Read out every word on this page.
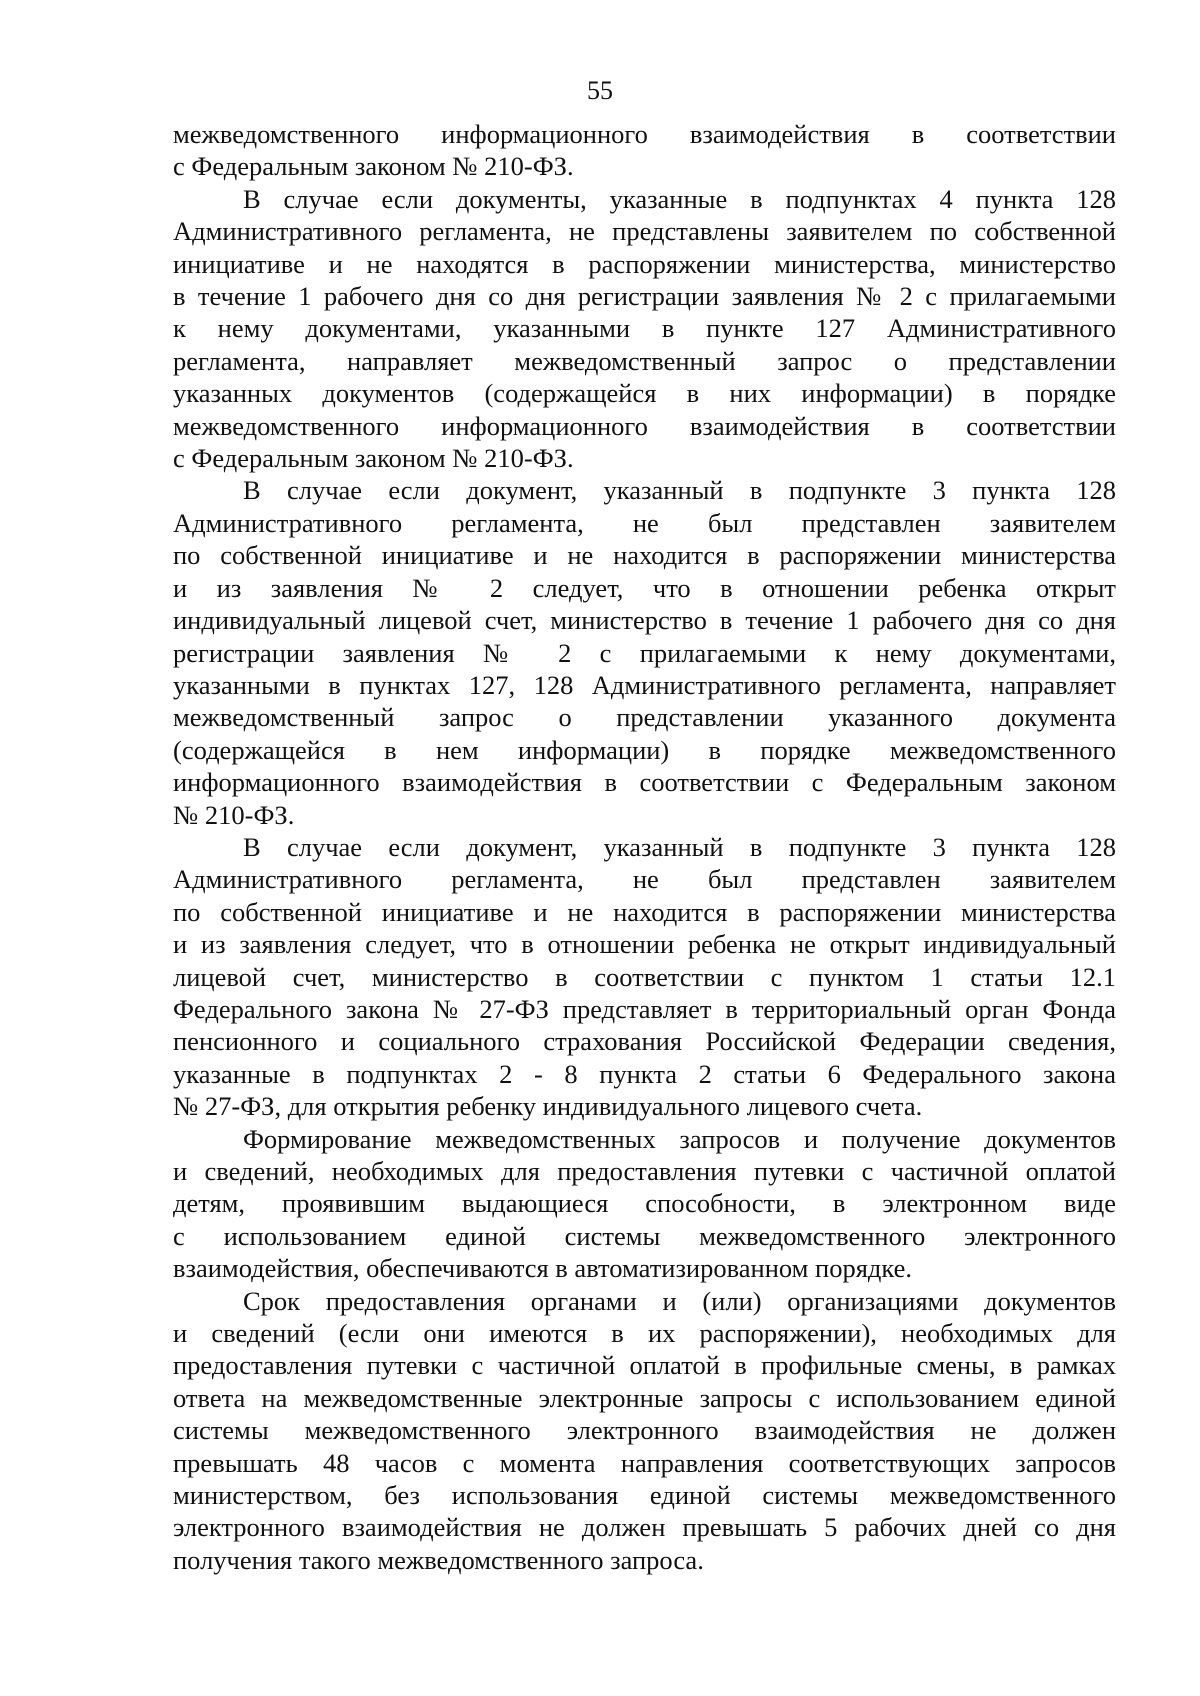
55
межведомственного информационного взаимодействия в соответствии
с Федеральным законом № 210-ФЗ.
В случае если документы, указанные в подпунктах 4 пункта 128
Административного регламента, не представлены заявителем по собственной
инициативе и не находятся в распоряжении министерства, министерство
в течение 1 рабочего дня со дня регистрации заявления № 2 с прилагаемыми
к нему документами, указанными в пункте 127 Административного
регламента, направляет межведомственный запрос о представлении
указанных документов (содержащейся в них информации) в порядке
межведомственного информационного взаимодействия в соответствии
с Федеральным законом № 210-ФЗ.
В случае если документ, указанный в подпункте 3 пункта 128
Административного регламента, не был представлен заявителем
по собственной инициативе и не находится в распоряжении министерства
и из заявления № 2 следует, что в отношении ребенка открыт
индивидуальный лицевой счет, министерство в течение 1 рабочего дня со дня
регистрации заявления № 2 с прилагаемыми к нему документами,
указанными в пунктах 127, 128 Административного регламента, направляет
межведомственный запрос о представлении указанного документа
(содержащейся в нем информации) в порядке межведомственного
информационного взаимодействия в соответствии с Федеральным законом
№ 210-ФЗ.
В случае если документ, указанный в подпункте 3 пункта 128
Административного регламента, не был представлен заявителем
по собственной инициативе и не находится в распоряжении министерства
и из заявления следует, что в отношении ребенка не открыт индивидуальный
лицевой счет, министерство в соответствии с пунктом 1 статьи 12.1
Федерального закона № 27-ФЗ представляет в территориальный орган Фонда
пенсионного и социального страхования Российской Федерации сведения,
указанные в подпунктах 2 - 8 пункта 2 статьи 6 Федерального закона
№ 27-ФЗ, для открытия ребенку индивидуального лицевого счета.
Формирование межведомственных запросов и получение документов
и сведений, необходимых для предоставления путевки с частичной оплатой
детям, проявившим выдающиеся способности, в электронном виде
с использованием единой системы межведомственного электронного
взаимодействия, обеспечиваются в автоматизированном порядке.
Срок предоставления органами и (или) организациями документов
и сведений (если они имеются в их распоряжении), необходимых для
предоставления путевки с частичной оплатой в профильные смены, в рамках
ответа на межведомственные электронные запросы с использованием единой
системы межведомственного электронного взаимодействия не должен
превышать 48 часов с момента направления соответствующих запросов
министерством, без использования единой системы межведомственного
электронного взаимодействия не должен превышать 5 рабочих дней со дня
получения такого межведомственного запроса.
